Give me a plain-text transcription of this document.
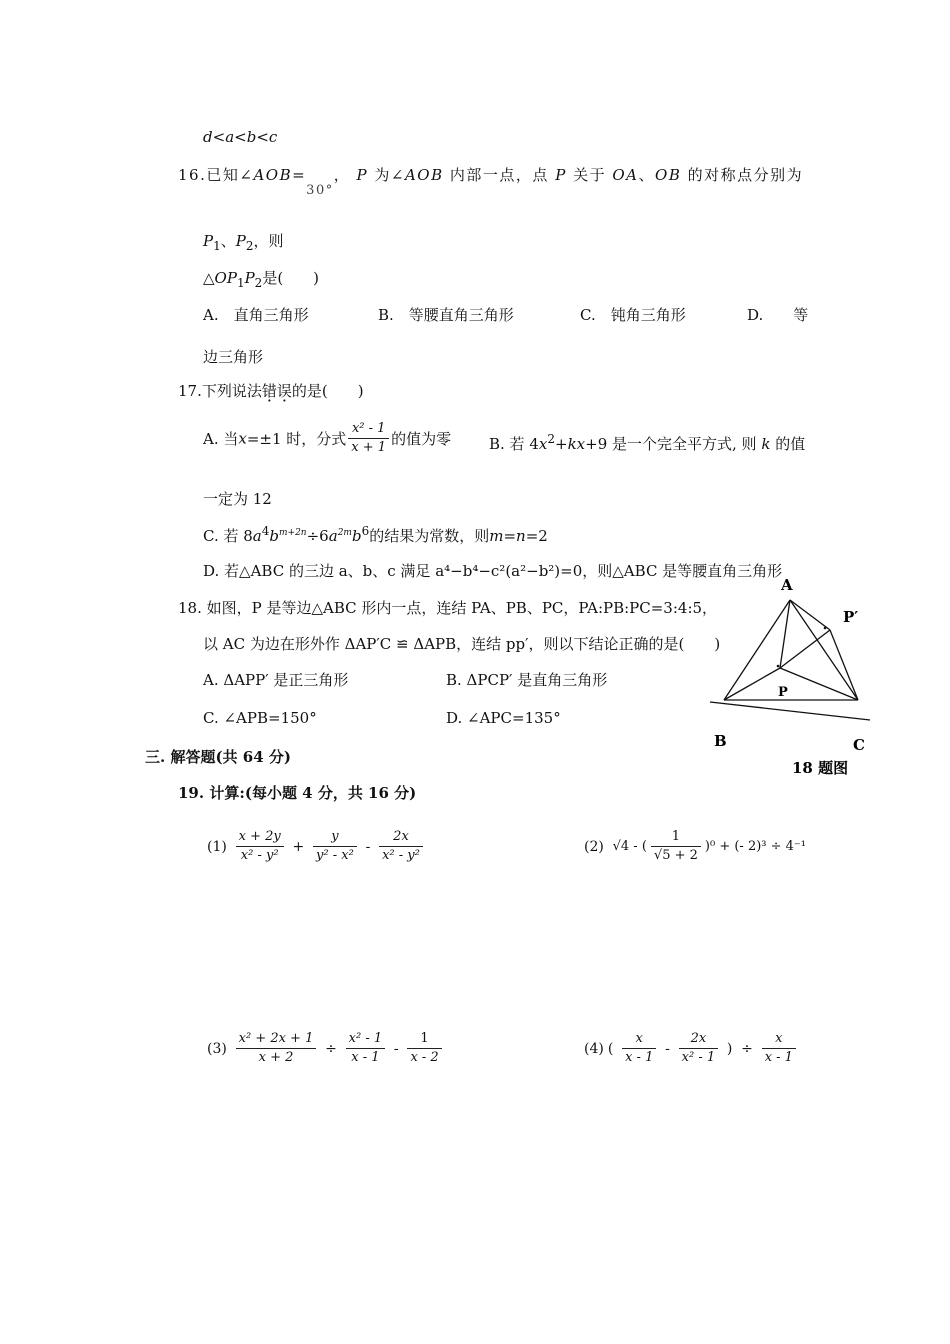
d<a<b<c
16.已知∠AOB=30°， P 为∠AOB 内部一点，点 P 关于 OA、OB 的对称点分别为
$P_1$、$P_2$，则
$\triangle OP_1P_2$是(　　)
A.　直角三角形	B.　等腰直角三角形	C.　钝角三角形	D.　　等
边三角形
17.下列说法错误的是(　　)
A. 当x=±1 时，分式 $\frac{\text{x² - 1}}{x + 1}$ 的值为零	B. 若 $4x^2+kx+9$ 是一个完全平方式, 则 k 的值
一定为 12
C. 若 $8a^4b^{m+2n}\div 6a^{2m}b^6$的结果为常数，则m=n=2
D. 若△ABC 的三边 a、b、c 满足 a⁴−b⁴−c²(a²−b²)=0，则△ABC 是等腰直角三角形
18. 如图，P 是等边△ABC 形内一点，连结 PA、PB、PC，PA:PB:PC=3:4:5，
以 AC 为边在形外作 ΔAP′C ≌ ΔAPB，连结 pp′，则以下结论正确的是(　　)
A. ΔAPP′ 是正三角形	B. ΔPCP′ 是直角三角形
C. ∠APB=150°	D. ∠APC=135°
A
P′
P
B	C
18 题图
三. 解答题(共 64 分)
19. 计算:(每小题 4 分，共 16 分)
$(1) \frac{x + 2y}{\text{x² - y²}} + \frac{y}{\text{y² - x²}} - \frac{2x}{\text{x² - y²}}$	(2) √4 - ( $\frac{1}{√5 + 2} )^0$ + (- 2)³ ÷ 4⁻¹
$(3) \frac{\text{x² + 2x + 1}}{x + 2} \div \frac{\text{x² - 1}}{x - 1} - \frac{1}{x - 2}$	(4) ( $\frac{x}{x - 1} - \frac{2x}{\text{x² - 1}}$ ) ÷ $\frac{x}{x - 1}$
